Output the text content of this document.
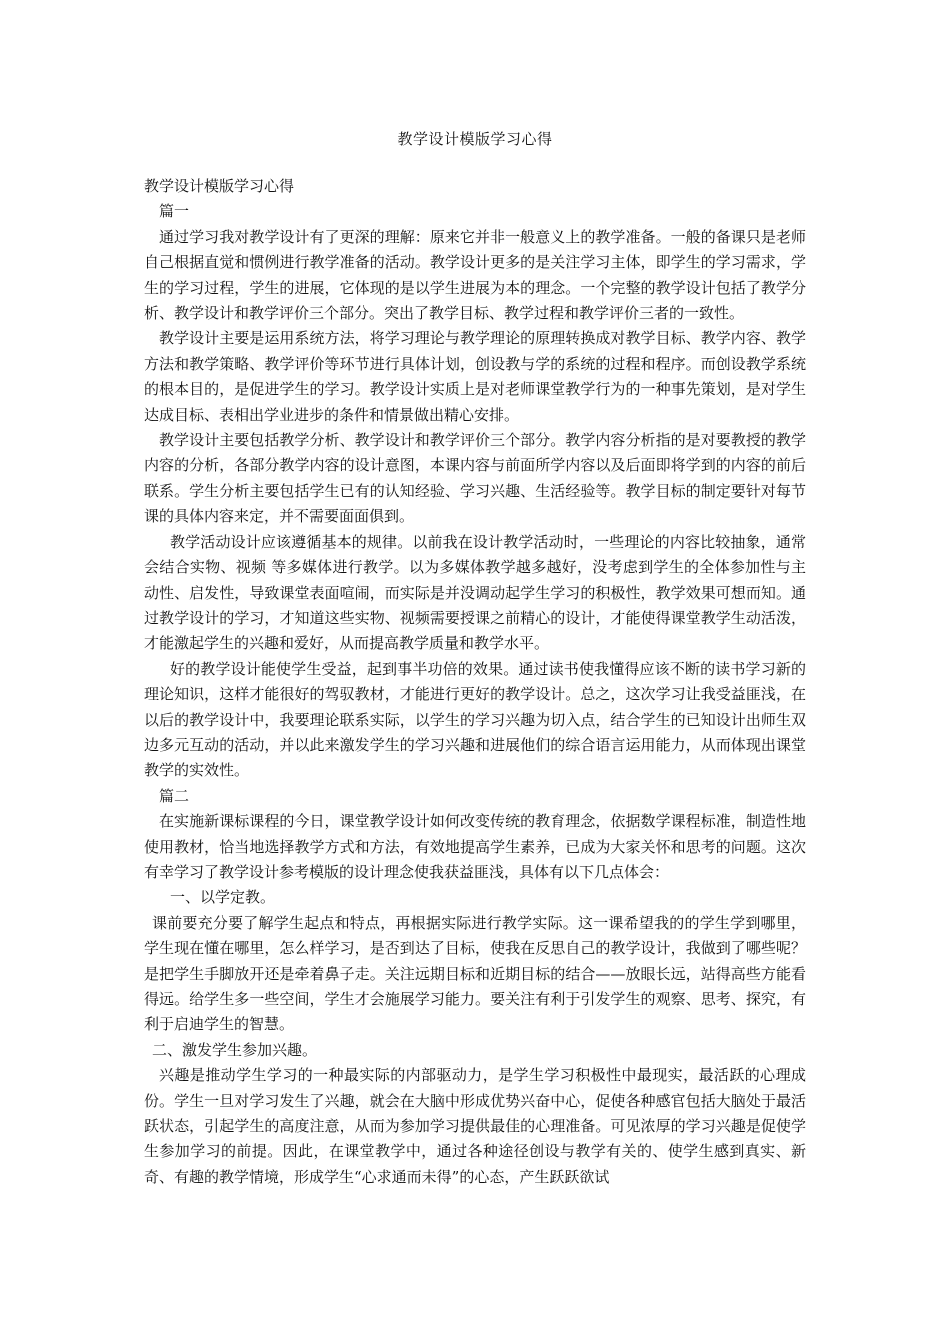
教学设计模版学习心得

教学设计模版学习心得

篇一

通过学习我对教学设计有了更深的理解：原来它并非一般意义上的教学准备。一般的备课只是老师自己根据直觉和惯例进行教学准备的活动。教学设计更多的是关注学习主体，即学生的学习需求，学生的学习过程，学生的进展，它体现的是以学生进展为本的理念。一个完整的教学设计包括了教学分析、教学设计和教学评价三个部分。突出了教学目标、教学过程和教学评价三者的一致性。

教学设计主要是运用系统方法，将学习理论与教学理论的原理转换成对教学目标、教学内容、教学方法和教学策略、教学评价等环节进行具体计划，创设教与学的系统的过程和程序。而创设教学系统的根本目的，是促进学生的学习。教学设计实质上是对老师课堂教学行为的一种事先策划，是对学生达成目标、表相出学业进步的条件和情景做出精心安排。

教学设计主要包括教学分析、教学设计和教学评价三个部分。教学内容分析指的是对要教授的教学内容的分析，各部分教学内容的设计意图，本课内容与前面所学内容以及后面即将学到的内容的前后联系。学生分析主要包括学生已有的认知经验、学习兴趣、生活经验等。教学目标的制定要针对每节课的具体内容来定，并不需要面面俱到。

教学活动设计应该遵循基本的规律。以前我在设计教学活动时，一些理论的内容比较抽象，通常会结合实物、视频 等多媒体进行教学。以为多媒体教学越多越好，没考虑到学生的全体参加性与主动性、启发性，导致课堂表面喧闹，而实际是并没调动起学生学习的积极性，教学效果可想而知。通过教学设计的学习，才知道这些实物、视频需要授课之前精心的设计，才能使得课堂教学生动活泼，才能激起学生的兴趣和爱好，从而提高教学质量和教学水平。

好的教学设计能使学生受益，起到事半功倍的效果。通过读书使我懂得应该不断的读书学习新的理论知识，这样才能很好的驾驭教材，才能进行更好的教学设计。总之，这次学习让我受益匪浅，在以后的教学设计中，我要理论联系实际，以学生的学习兴趣为切入点，结合学生的已知设计出师生双边多元互动的活动，并以此来激发学生的学习兴趣和进展他们的综合语言运用能力，从而体现出课堂教学的实效性。

篇二

在实施新课标课程的今日，课堂教学设计如何改变传统的教育理念，依据数学课程标准，制造性地使用教材，恰当地选择教学方式和方法，有效地提高学生素养，已成为大家关怀和思考的问题。这次有幸学习了教学设计参考模版的设计理念使我获益匪浅，具体有以下几点体会：

一、以学定教。

课前要充分要了解学生起点和特点，再根据实际进行教学实际。这一课希望我的的学生学到哪里，学生现在懂在哪里，怎么样学习，是否到达了目标，使我在反思自己的教学设计，我做到了哪些呢？是把学生手脚放开还是牵着鼻子走。关注远期目标和近期目标的结合——放眼长远，站得高些方能看得远。给学生多一些空间，学生才会施展学习能力。要关注有利于引发学生的观察、思考、探究，有利于启迪学生的智慧。

二、激发学生参加兴趣。

兴趣是推动学生学习的一种最实际的内部驱动力，是学生学习积极性中最现实，最活跃的心理成份。学生一旦对学习发生了兴趣，就会在大脑中形成优势兴奋中心，促使各种感官包括大脑处于最活跃状态，引起学生的高度注意，从而为参加学习提供最佳的心理准备。可见浓厚的学习兴趣是促使学生参加学习的前提。因此，在课堂教学中，通过各种途径创设与教学有关的、使学生感到真实、新奇、有趣的教学情境，形成学生“心求通而未得”的心态，产生跃跃欲试
